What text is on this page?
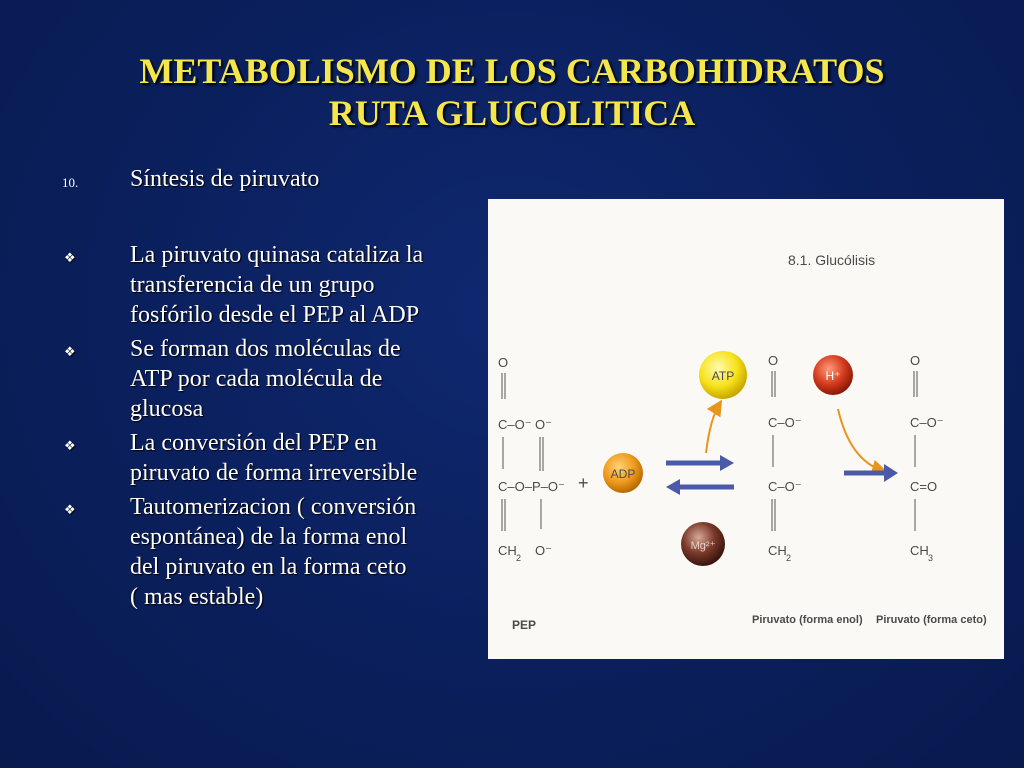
METABOLISMO DE LOS CARBOHIDRATOS
RUTA GLUCOLITICA
10. Síntesis de piruvato
❖ La piruvato quinasa cataliza la
transferencia de un grupo
fosfórilo desde el PEP al ADP
❖ Se forman dos moléculas de
ATP por cada molécula de
glucosa
❖ La conversión del PEP en
piruvato de forma irreversible
❖ Tautomerizacion ( conversión
espontánea) de la forma enol
del piruvato en la forma ceto
( mas estable)
8.1. Glucólisis
O
C–O⁻
C–O–P–O⁻
CH 2
O⁻
O⁻
+ ADP
ATP
Mg²⁺
O
C–O⁻
C–O⁻
CH 2
H⁺
O
C–O⁻
C=O
CH 3
PEP	Piruvato (forma enol) Piruvato (forma ceto)
